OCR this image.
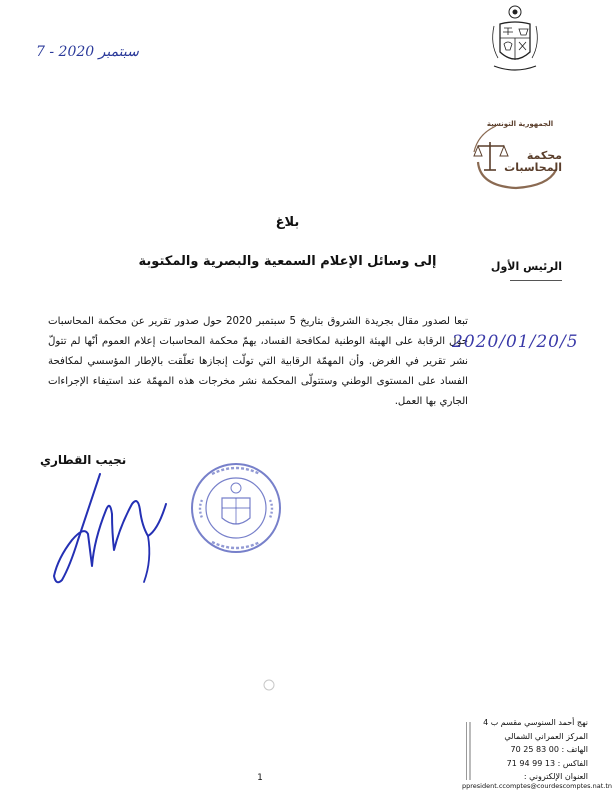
7 - سبتمبر 2020
الجمهورية التونسية
محكمة
المحاسبات
بلاغ
إلى وسائل الإعلام السمعية والبصرية والمكتوبة	الرئيس الأول
تبعا لصدور مقال بجريدة الشروق بتاريخ 5 سبتمبر 2020 حول صدور تقرير عن محكمة المحاسبات حول الرقابة على الهيئة الوطنية لمكافحة الفساد، يهمّ محكمة المحاسبات إعلام العموم أنّها لم تتولّ نشر تقرير في الغرض. وأن المهمّة الرقابية التي تولّت إنجازها تعلّقت بالإطار المؤسسي لمكافحة الفساد على المستوى الوطني وستتولّى المحكمة نشر مخرجات هذه المهمّة عند استيفاء الإجراءات الجاري بها العمل.
2020/01/20/5
نجيب القطاري
نهج أحمد السنوسي مقسم ب 4
المركز العمراني الشمالي
الهاتف : 00 83 25 70
الفاكس : 13 99 94 71
العنوان الإلكتروني :
ppresident.ccomptes@courdescomptes.nat.tn
1
